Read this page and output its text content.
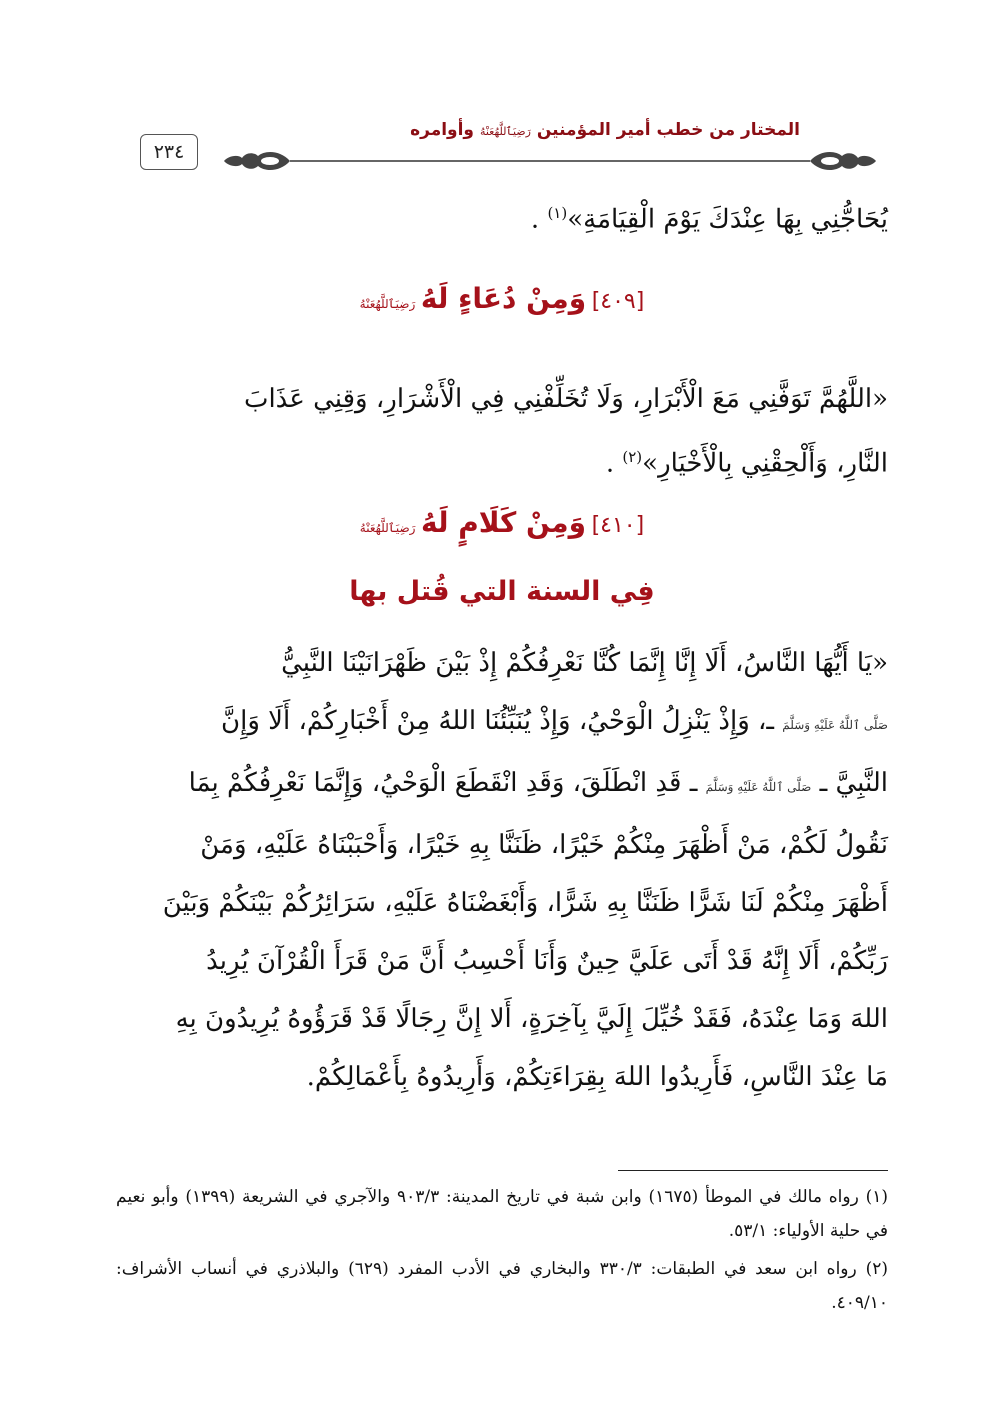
٢٣٤
المختار من خطب أمير المؤمنين رَضِيَٱللَّهُعَنْهُ وأوامره
يُحَاجُّنِي بِهَا عِنْدَكَ يَوْمَ الْقِيَامَةِ»$^{(١)}$ .
[٤٠٩] وَمِنْ دُعَاءٍ لَهُ رَضِيَٱللَّهُعَنْهُ

«اللَّهُمَّ تَوَفَّنِي مَعَ الْأَبْرَارِ، وَلَا تُخَلِّفْنِي فِي الْأَشْرَارِ، وَقِنِي عَذَابَ

النَّارِ، وَأَلْحِقْنِي بِالْأَخْيَارِ»$^{(٢)}$ .

[٤١٠] وَمِنْ كَلَامٍ لَهُ رَضِيَٱللَّهُعَنْهُ
فِي السنة التي قُتل بها

«يَا أَيُّهَا النَّاسُ، أَلَا إِنَّا إِنَّمَا كُنَّا نَعْرِفُكُمْ إِذْ بَيْنَ ظَهْرَانَيْنَا النَّبِيُّ

صَلَّى ٱللَّهُ عَلَيْهِ وَسَلَّمَ ـ، وَإِذْ يَنْزِلُ الْوَحْيُ، وَإِذْ يُنَبِّئُنَا اللهُ مِنْ أَخْبَارِكُمْ، أَلَا وَإِنَّ

النَّبِيَّ ـ صَلَّى ٱللَّهُ عَلَيْهِ وَسَلَّمَ ـ قَدِ انْطَلَقَ، وَقَدِ انْقَطَعَ الْوَحْيُ، وَإِنَّمَا نَعْرِفُكُمْ بِمَا

نَقُولُ لَكُمْ، مَنْ أَظْهَرَ مِنْكُمْ خَيْرًا، ظَنَنَّا بِهِ خَيْرًا، وَأَحْبَبْنَاهُ عَلَيْهِ، وَمَنْ

أَظْهَرَ مِنْكُمْ لَنَا شَرًّا ظَنَنَّا بِهِ شَرًّا، وَأَبْغَضْنَاهُ عَلَيْهِ، سَرَائِرُكُمْ بَيْنَكُمْ وَبَيْنَ

رَبِّكُمْ، أَلَا إِنَّهُ قَدْ أَتَى عَلَيَّ حِينٌ وَأَنَا أَحْسِبُ أَنَّ مَنْ قَرَأَ الْقُرْآنَ يُرِيدُ

اللهَ وَمَا عِنْدَهُ، فَقَدْ خُيِّلَ إِلَيَّ بِآخِرَةٍ، أَلا إِنَّ رِجَالًا قَدْ قَرَؤُوهُ يُرِيدُونَ بِهِ

مَا عِنْدَ النَّاسِ، فَأَرِيدُوا اللهَ بِقِرَاءَتِكُمْ، وَأَرِيدُوهُ بِأَعْمَالِكُمْ.

(١) رواه مالك في الموطأ (١٦٧٥) وابن شبة في تاريخ المدينة: ٩٠٣/٣ والآجري في الشريعة (١٣٩٩) وأبو نعيم في حلية الأولياء: ٥٣/١.

(٢) رواه ابن سعد في الطبقات: ٣٣٠/٣ والبخاري في الأدب المفرد (٦٢٩) والبلاذري في أنساب الأشراف: ٤٠٩/١٠.
